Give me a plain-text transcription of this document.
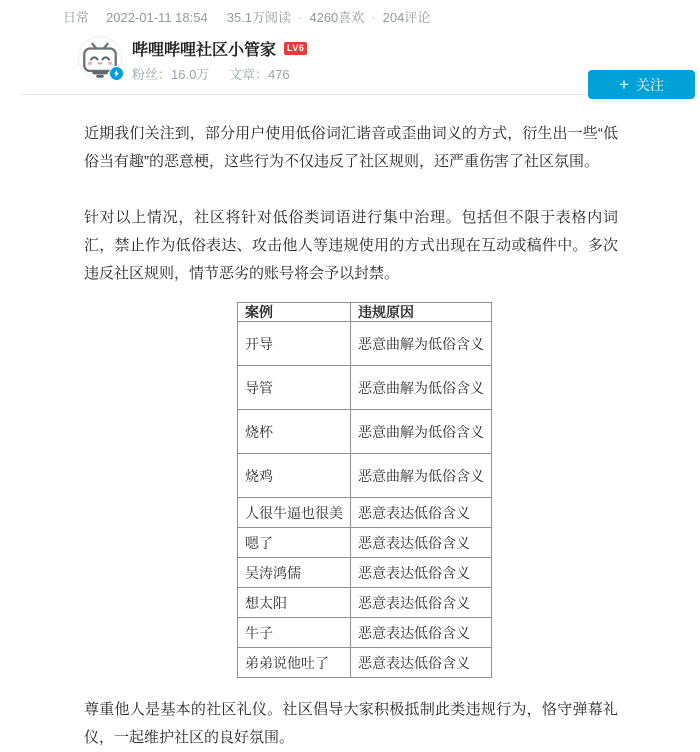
日常 2022-01-11 18:54 35.1万阅读 · 4260喜欢 · 204评论
哔哩哔哩社区小管家	LV6
粉丝：16.0万 文章：476
+ 关注

近期我们关注到，部分用户使用低俗词汇谐音或歪曲词义的方式，衍生出一些“低俗当有趣”的恶意梗，这些行为不仅违反了社区规则，还严重伤害了社区氛围。

针对以上情况，社区将针对低俗类词语进行集中治理。包括但不限于表格内词汇，禁止作为低俗表达、攻击他人等违规使用的方式出现在互动或稿件中。多次违反社区规则，情节恶劣的账号将会予以封禁。

案例	违规原因
开导	恶意曲解为低俗含义
导管	恶意曲解为低俗含义
烧杯	恶意曲解为低俗含义
烧鸡	恶意曲解为低俗含义
人很牛逼也很美	恶意表达低俗含义
嗯了	恶意表达低俗含义
吴涛鸿儒	恶意表达低俗含义
想太阳	恶意表达低俗含义
牛子	恶意表达低俗含义
弟弟说他吐了	恶意表达低俗含义

尊重他人是基本的社区礼仪。社区倡导大家积极抵制此类违规行为，恪守弹幕礼仪，一起维护社区的良好氛围。
